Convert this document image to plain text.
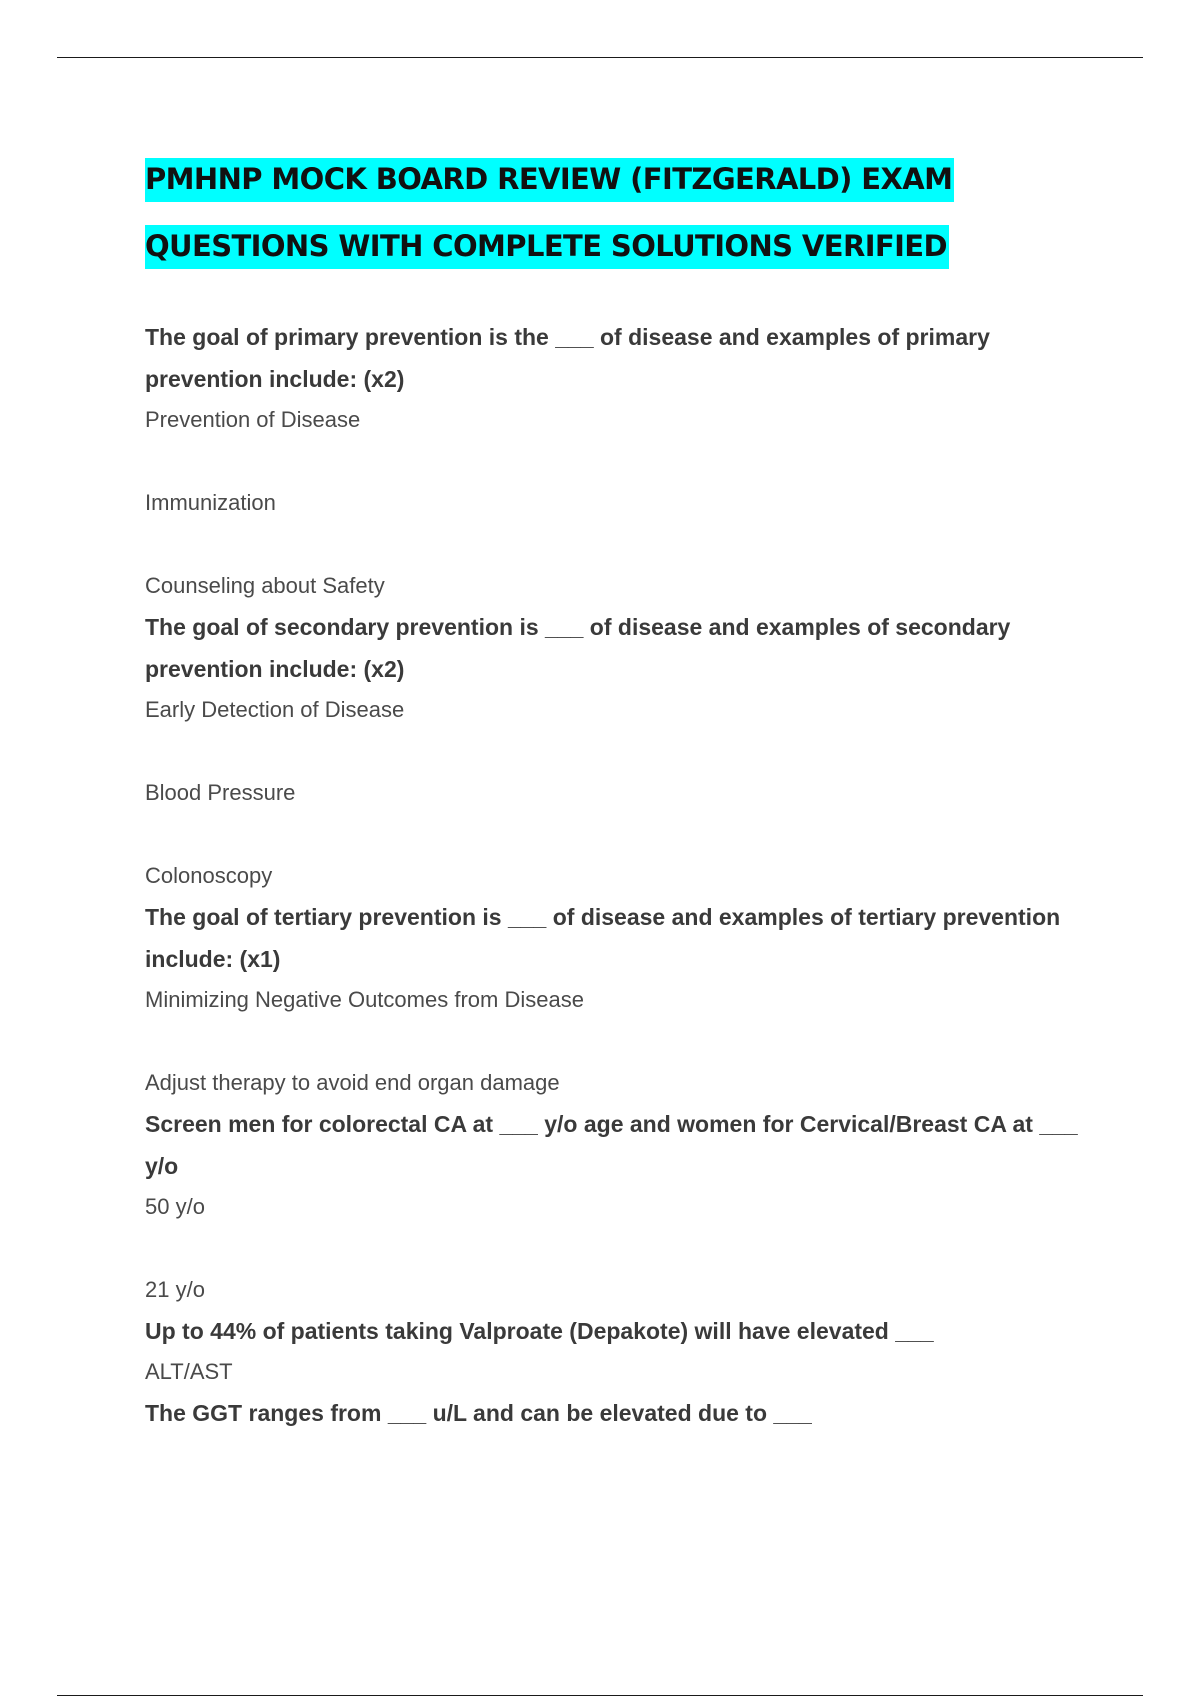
PMHNP MOCK BOARD REVIEW (FITZGERALD) EXAM
QUESTIONS WITH COMPLETE SOLUTIONS VERIFIED

The goal of primary prevention is the ___ of disease and examples of primary prevention include: (x2)

Prevention of Disease

Immunization

Counseling about Safety

The goal of secondary prevention is ___ of disease and examples of secondary prevention include: (x2)

Early Detection of Disease

Blood Pressure

Colonoscopy

The goal of tertiary prevention is ___ of disease and examples of tertiary prevention include: (x1)

Minimizing Negative Outcomes from Disease

Adjust therapy to avoid end organ damage

Screen men for colorectal CA at ___ y/o age and women for Cervical/Breast CA at ___ y/o

50 y/o

21 y/o

Up to 44% of patients taking Valproate (Depakote) will have elevated ___

ALT/AST

The GGT ranges from ___ u/L and can be elevated due to ___
